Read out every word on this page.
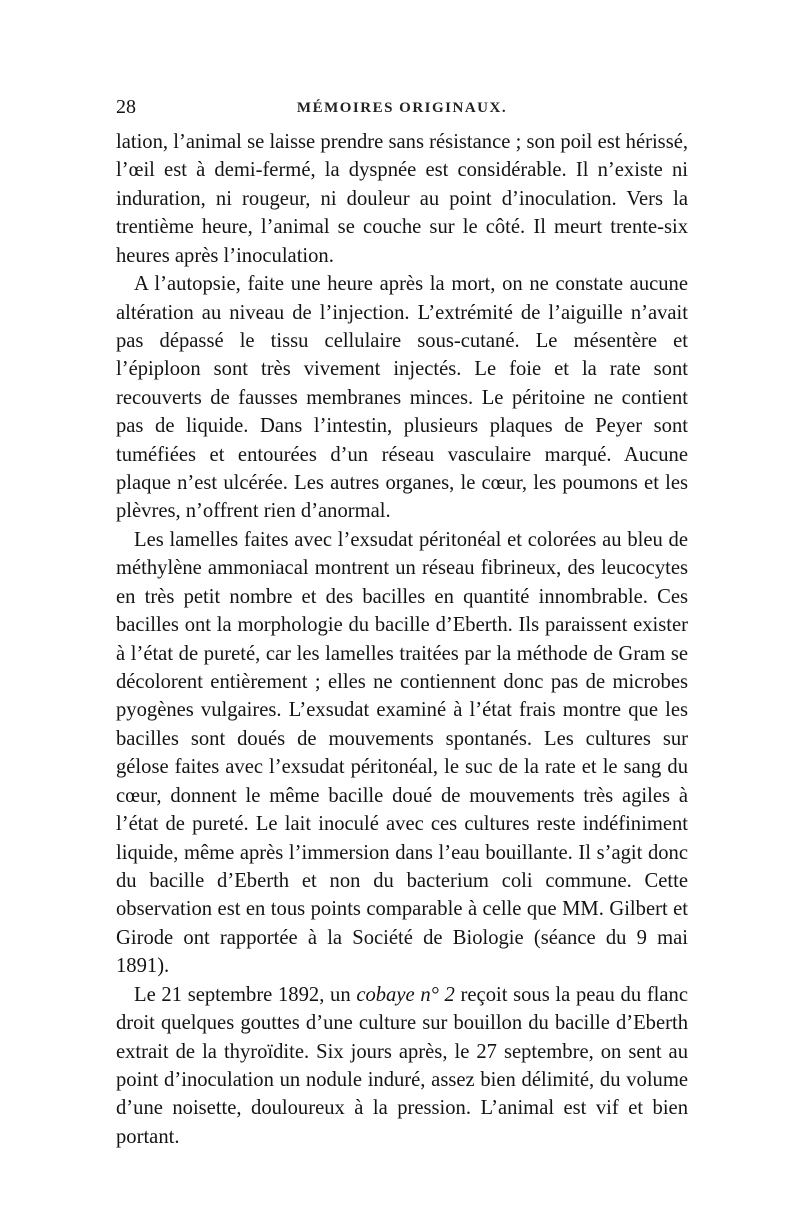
28	MÉMOIRES ORIGINAUX.

lation, l’animal se laisse prendre sans résistance ; son poil est hérissé, l’œil est à demi-fermé, la dyspnée est considérable. Il n’existe ni induration, ni rougeur, ni douleur au point d’inoculation. Vers la trentième heure, l’animal se couche sur le côté. Il meurt trente-six heures après l’inoculation.

A l’autopsie, faite une heure après la mort, on ne constate aucune altération au niveau de l’injection. L’extrémité de l’aiguille n’avait pas dépassé le tissu cellulaire sous-cutané. Le mésentère et l’épiploon sont très vivement injectés. Le foie et la rate sont recouverts de fausses membranes minces. Le péritoine ne contient pas de liquide. Dans l’intestin, plusieurs plaques de Peyer sont tuméfiées et entourées d’un réseau vasculaire marqué. Aucune plaque n’est ulcérée. Les autres organes, le cœur, les poumons et les plèvres, n’offrent rien d’anormal.

Les lamelles faites avec l’exsudat péritonéal et colorées au bleu de méthylène ammoniacal montrent un réseau fibrineux, des leucocytes en très petit nombre et des bacilles en quantité innombrable. Ces bacilles ont la morphologie du bacille d’Eberth. Ils paraissent exister à l’état de pureté, car les lamelles traitées par la méthode de Gram se décolorent entièrement ; elles ne contiennent donc pas de microbes pyogènes vulgaires. L’exsudat examiné à l’état frais montre que les bacilles sont doués de mouvements spontanés. Les cultures sur gélose faites avec l’exsudat péritonéal, le suc de la rate et le sang du cœur, donnent le même bacille doué de mouvements très agiles à l’état de pureté. Le lait inoculé avec ces cultures reste indéfiniment liquide, même après l’immersion dans l’eau bouillante. Il s’agit donc du bacille d’Eberth et non du bacterium coli commune. Cette observation est en tous points comparable à celle que MM. Gilbert et Girode ont rapportée à la Société de Biologie (séance du 9 mai 1891).

Le 21 septembre 1892, un cobaye n° 2 reçoit sous la peau du flanc droit quelques gouttes d’une culture sur bouillon du bacille d’Eberth extrait de la thyroïdite. Six jours après, le 27 septembre, on sent au point d’inoculation un nodule induré, assez bien délimité, du volume d’une noisette, douloureux à la pression. L’animal est vif et bien portant.
